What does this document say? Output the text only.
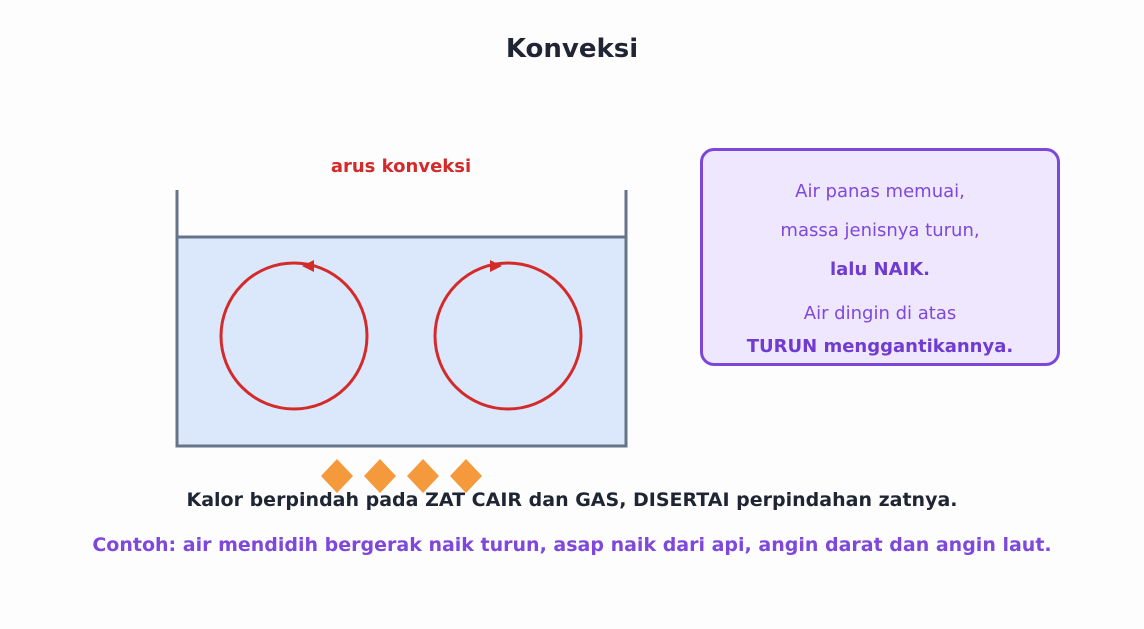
Konveksi
arus konveksi
Air panas memuai,
massa jenisnya turun,
lalu NAIK.
Air dingin di atas
TURUN menggantikannya.
Kalor berpindah pada ZAT CAIR dan GAS, DISERTAI perpindahan zatnya.
Contoh: air mendidih bergerak naik turun, asap naik dari api, angin darat dan angin laut.
